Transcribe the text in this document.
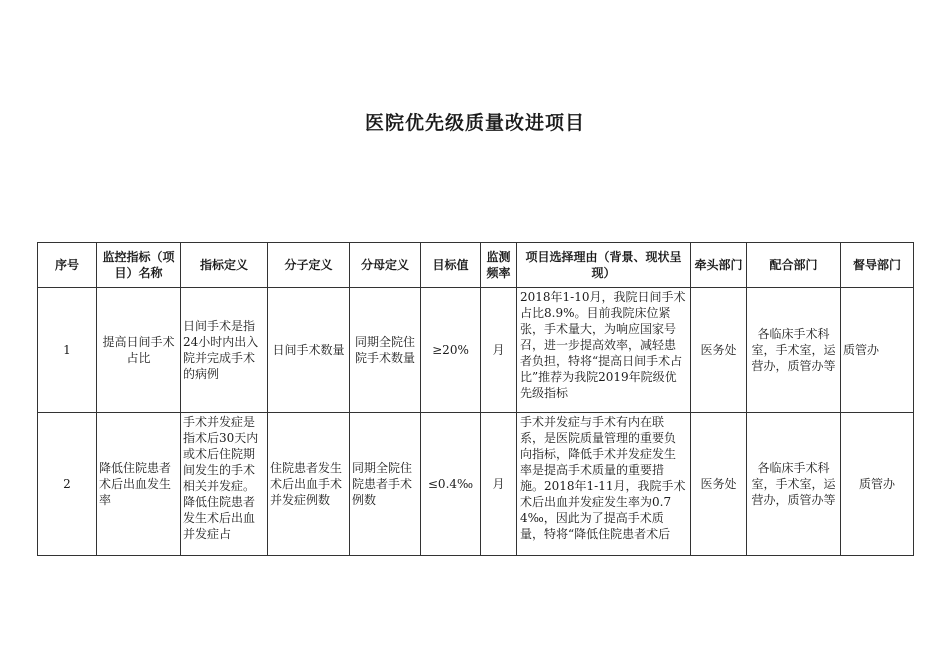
医院优先级质量改进项目
序号	监控指标（项目）名称	指标定义	分子定义	分母定义	目标值	监测频率	项目选择理由（背景、现状呈现）	牵头部门	配合部门	督导部门
1	提高日间手术占比	日间手术是指24小时内出入院并完成手术的病例	日间手术数量	同期全院住院手术数量	≥20%	月	2018年1-10月，我院日间手术占比8.9%。目前我院床位紧张，手术量大，为响应国家号召，进一步提高效率，减轻患者负担，特将“提高日间手术占比”推荐为我院2019年院级优先级指标	医务处	各临床手术科室，手术室，运营办，质管办等	质管办
2	降低住院患者术后出血发生率	手术并发症是指术后30天内或术后住院期间发生的手术相关并发症。降低住院患者发生术后出血并发症占	住院患者发生术后出血手术并发症例数	同期全院住院患者手术例数	≤0.4‰	月	手术并发症与手术有内在联系，是医院质量管理的重要负向指标，降低手术并发症发生率是提高手术质量的重要措施。2018年1-11月，我院手术术后出血并发症发生率为0.74‰，因此为了提高手术质量，特将“降低住院患者术后	医务处	各临床手术科室，手术室，运营办，质管办等	质管办
